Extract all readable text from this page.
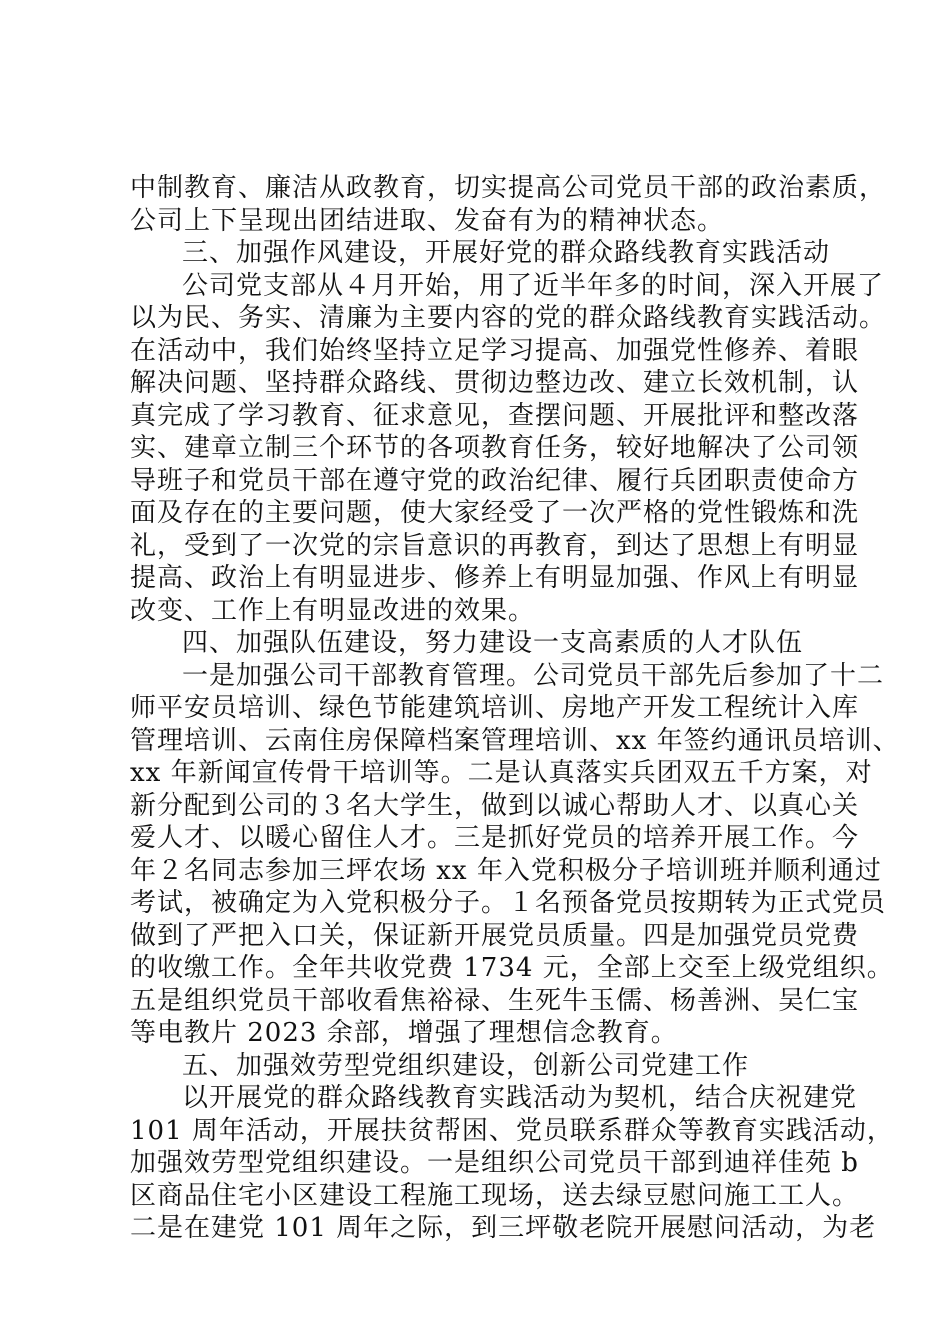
中制教育、廉洁从政教育，切实提高公司党员干部的政治素质，
公司上下呈现出团结进取、发奋有为的精神状态。
三、加强作风建设，开展好党的群众路线教育实践活动
公司党支部从４月开始，用了近半年多的时间，深入开展了
以为民、务实、清廉为主要内容的党的群众路线教育实践活动。
在活动中，我们始终坚持立足学习提高、加强党性修养、着眼
解决问题、坚持群众路线、贯彻边整边改、建立长效机制，认
真完成了学习教育、征求意见，查摆问题、开展批评和整改落
实、建章立制三个环节的各项教育任务，较好地解决了公司领
导班子和党员干部在遵守党的政治纪律、履行兵团职责使命方
面及存在的主要问题，使大家经受了一次严格的党性锻炼和洗
礼，受到了一次党的宗旨意识的再教育，到达了思想上有明显
提高、政治上有明显进步、修养上有明显加强、作风上有明显
改变、工作上有明显改进的效果。
四、加强队伍建设，努力建设一支高素质的人才队伍
一是加强公司干部教育管理。公司党员干部先后参加了十二
师平安员培训、绿色节能建筑培训、房地产开发工程统计入库
管理培训、云南住房保障档案管理培训、xx 年签约通讯员培训、
xx 年新闻宣传骨干培训等。二是认真落实兵团双五千方案，对
新分配到公司的３名大学生，做到以诚心帮助人才、以真心关
爱人才、以暖心留住人才。三是抓好党员的培养开展工作。今
年２名同志参加三坪农场 xx 年入党积极分子培训班并顺利通过
考试，被确定为入党积极分子。１名预备党员按期转为正式党员
做到了严把入口关，保证新开展党员质量。四是加强党员党费
的收缴工作。全年共收党费 1734 元，全部上交至上级党组织。
五是组织党员干部收看焦裕禄、生死牛玉儒、杨善洲、吴仁宝
等电教片 2023 余部，增强了理想信念教育。
五、加强效劳型党组织建设，创新公司党建工作
以开展党的群众路线教育实践活动为契机，结合庆祝建党
101 周年活动，开展扶贫帮困、党员联系群众等教育实践活动，
加强效劳型党组织建设。一是组织公司党员干部到迪祥佳苑 b
区商品住宅小区建设工程施工现场，送去绿豆慰问施工工人。
二是在建党 101 周年之际，到三坪敬老院开展慰问活动，为老
